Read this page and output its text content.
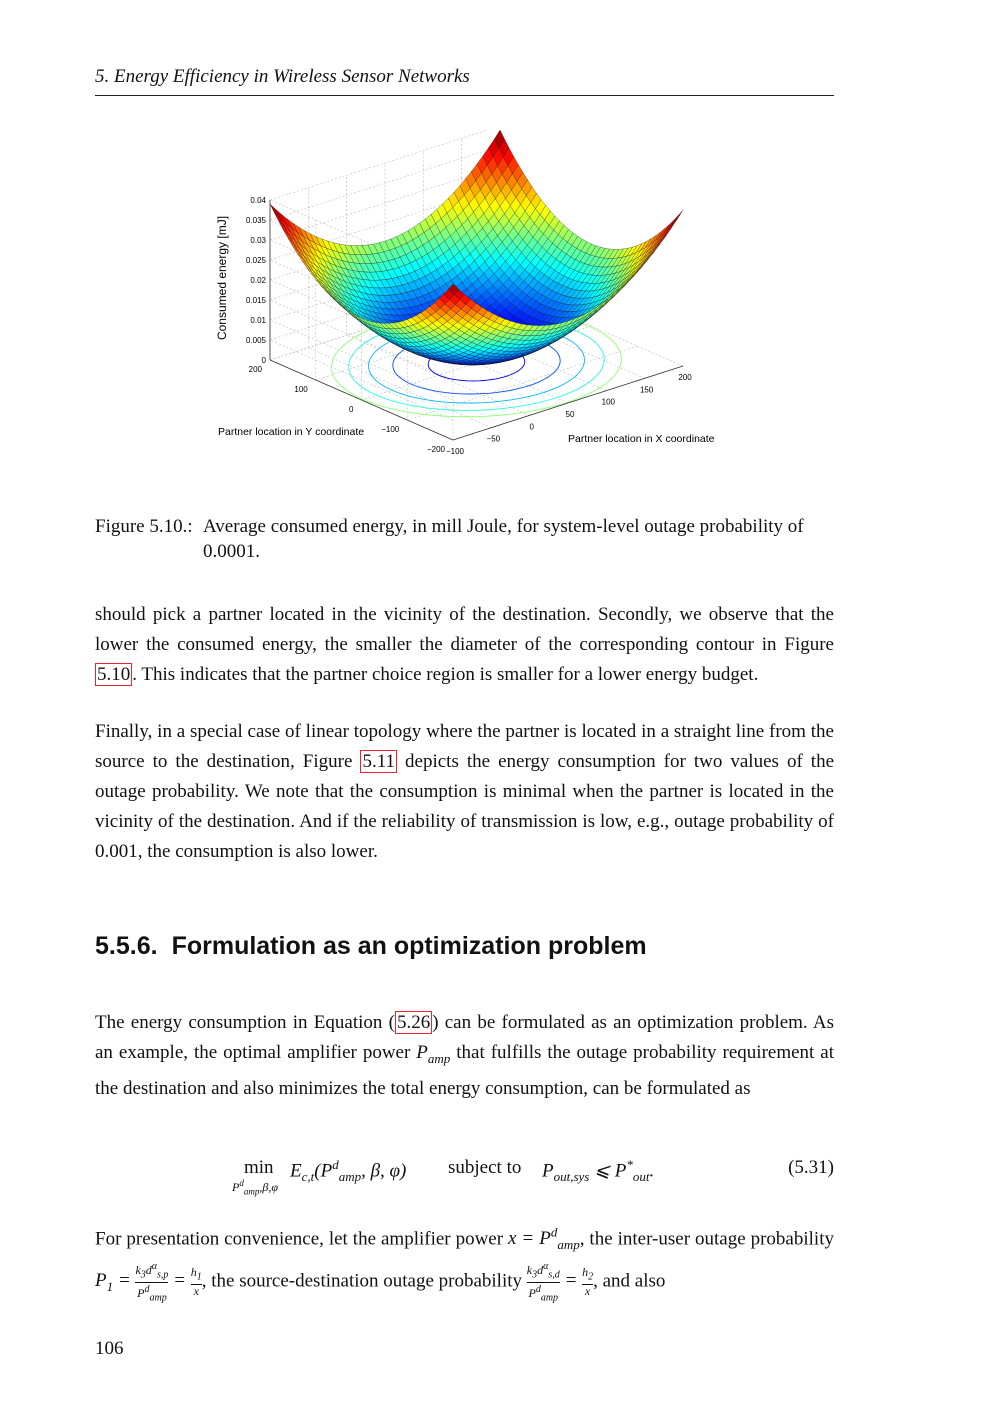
5. Energy Efficiency in Wireless Sensor Networks
0
0.005
0.01
0.015
0.02
0.025
0.03
0.035
0.04
−200
−100
0
100
200
−100
−50
0
50
100
150
200
Consumed energy [mJ]
Partner location in Y coordinate
Partner location in X coordinate
Figure 5.10.: Average consumed energy, in mill Joule, for system-level outage probability of 0.0001.

should pick a partner located in the vicinity of the destination. Secondly, we observe that the lower the consumed energy, the smaller the diameter of the corresponding contour in Figure 5.10 . This indicates that the partner choice region is smaller for a lower energy budget.

Finally, in a special case of linear topology where the partner is located in a straight line from the source to the destination, Figure 5.11 depicts the energy consumption for two values of the outage probability. We note that the consumption is minimal when the partner is located in the vicinity of the destination. And if the reliability of transmission is low, e.g., outage probability of 0.001, the consumption is also lower.

5.5.6. Formulation as an optimization problem

The energy consumption in Equation ( 5.26 ) can be formulated as an optimization problem. As an example, the optimal amplifier power $P_{amp}$ that fulfills the outage probability requirement at the destination and also minimizes the total energy consumption, can be formulated as

min
$P^d_{amp},\beta,\varphi$
$E_{c,t}(P^d_{amp}$, β, φ) subject to $P_{out,sys}$ ⩽ $P^*_{out}$.	(5.31)

For presentation convenience, let the amplifier power $x = P^d_{amp}$, the inter-user outage probability $P_1$ =
$k_3d^\alpha_{s,p}$
$P^d_{amp}$
= $\frac{h_1}{x}$ , the source-destination outage probability
$k_3d^\alpha_{s,d}$
$P^d_{amp}$
= $\frac{h_2}{x}$ , and also

106
